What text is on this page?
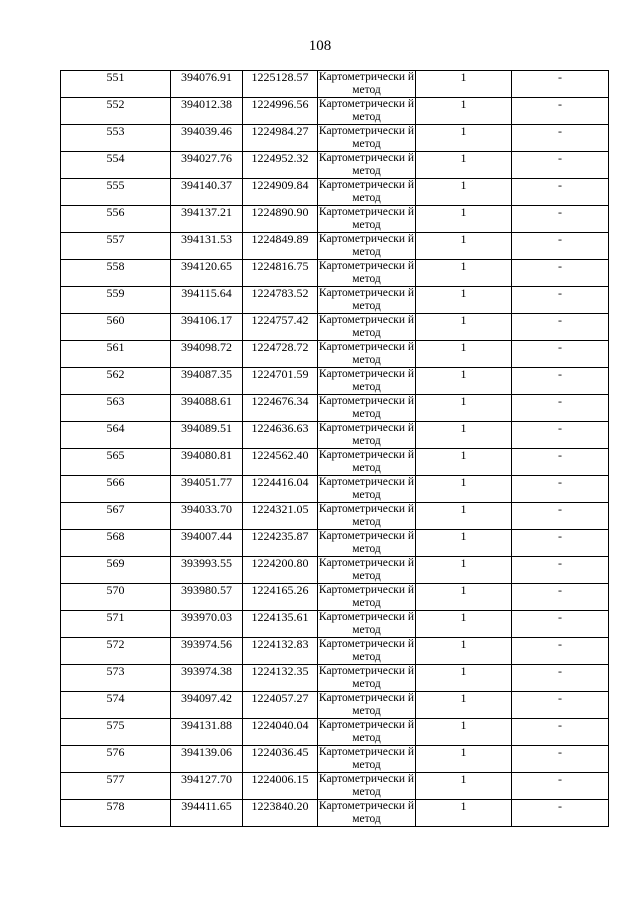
108
551	394076.91	1225128.57	Картометрически й метод	1	-
552	394012.38	1224996.56	Картометрически й метод	1	-
553	394039.46	1224984.27	Картометрически й метод	1	-
554	394027.76	1224952.32	Картометрически й метод	1	-
555	394140.37	1224909.84	Картометрически й метод	1	-
556	394137.21	1224890.90	Картометрически й метод	1	-
557	394131.53	1224849.89	Картометрически й метод	1	-
558	394120.65	1224816.75	Картометрически й метод	1	-
559	394115.64	1224783.52	Картометрически й метод	1	-
560	394106.17	1224757.42	Картометрически й метод	1	-
561	394098.72	1224728.72	Картометрически й метод	1	-
562	394087.35	1224701.59	Картометрически й метод	1	-
563	394088.61	1224676.34	Картометрически й метод	1	-
564	394089.51	1224636.63	Картометрически й метод	1	-
565	394080.81	1224562.40	Картометрически й метод	1	-
566	394051.77	1224416.04	Картометрически й метод	1	-
567	394033.70	1224321.05	Картометрически й метод	1	-
568	394007.44	1224235.87	Картометрически й метод	1	-
569	393993.55	1224200.80	Картометрически й метод	1	-
570	393980.57	1224165.26	Картометрически й метод	1	-
571	393970.03	1224135.61	Картометрически й метод	1	-
572	393974.56	1224132.83	Картометрически й метод	1	-
573	393974.38	1224132.35	Картометрически й метод	1	-
574	394097.42	1224057.27	Картометрически й метод	1	-
575	394131.88	1224040.04	Картометрически й метод	1	-
576	394139.06	1224036.45	Картометрически й метод	1	-
577	394127.70	1224006.15	Картометрически й метод	1	-
578	394411.65	1223840.20	Картометрически й метод	1	-
